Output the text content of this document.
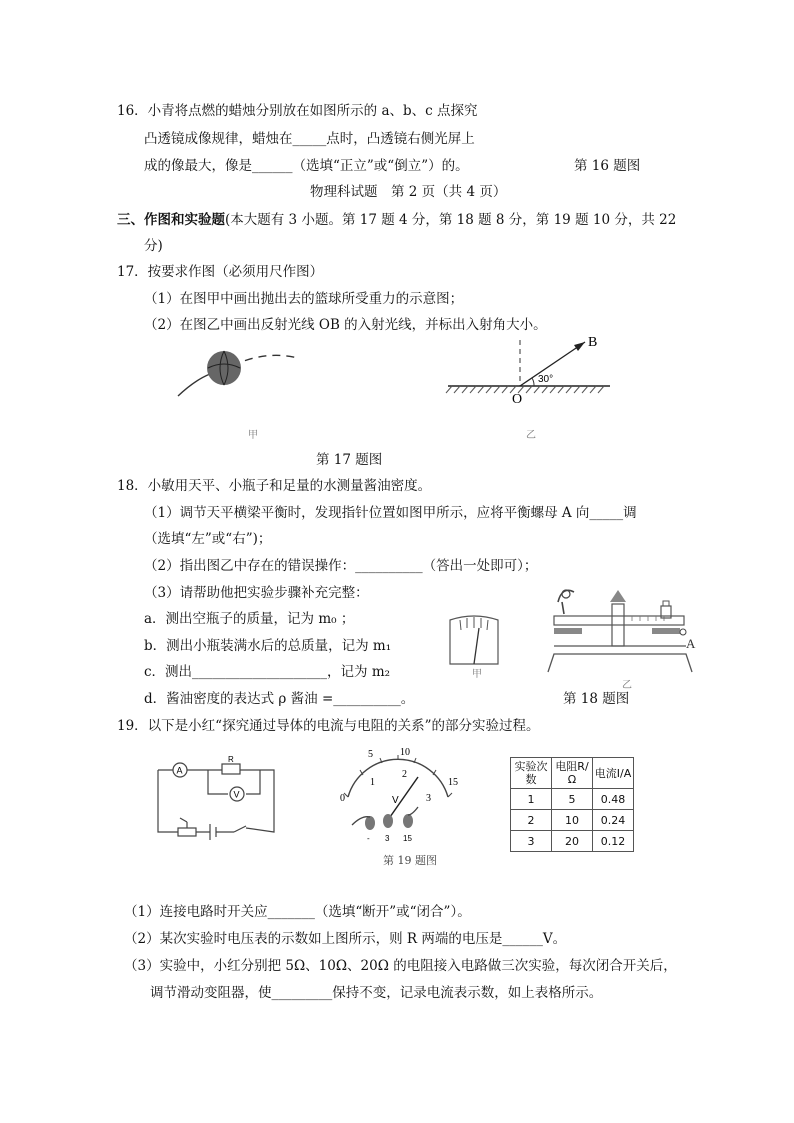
16．小青将点燃的蜡烛分别放在如图所示的 a、b、c 点探究
凸透镜成像规律，蜡烛在_____点时，凸透镜右侧光屏上
成的像最大，像是______（选填“正立”或“倒立”）的。	第 16 题图
物理科试题　第 2 页（共 4 页）
三、作图和实验题(本大题有 3 小题。第 17 题 4 分，第 18 题 8 分，第 19 题 10 分，共 22
分)
17．按要求作图（必须用尺作图）
（1）在图甲中画出抛出去的篮球所受重力的示意图；
（2）在图乙中画出反射光线 OB 的入射光线，并标出入射角大小。
甲
B
O
30°
乙
第 17 题图
18．小敏用天平、小瓶子和足量的水测量酱油密度。
（1）调节天平横梁平衡时，发现指针位置如图甲所示，应将平衡螺母 A 向_____调
（选填“左”或“右”)；
（2）指出图乙中存在的错误操作：__________（答出一处即可）；
（3）请帮助他把实验步骤补充完整：
a．测出空瓶子的质量，记为 m₀ ；
b．测出小瓶装满水后的总质量，记为 m₁
c．测出____________________，记为 m₂
d．酱油密度的表达式 ρ 酱油 =__________。
甲
A
乙
第 18 题图
19．以下是小红“探究通过导体的电流与电阻的关系”的部分实验过程。
A
V
R	5	10
15
0
1
2
3
V
- 3 15
第 19 题图
实验次数	电阻R/Ω	电流I/A
1	5	0.48
2	10	0.24
3	20	0.12
（1）连接电路时开关应_______（选填“断开”或“闭合”）。
（2）某次实验时电压表的示数如上图所示，则 R 两端的电压是______V。
（3）实验中，小红分别把 5Ω、10Ω、20Ω 的电阻接入电路做三次实验，每次闭合开关后，
调节滑动变阻器，使_________保持不变，记录电流表示数，如上表格所示。
